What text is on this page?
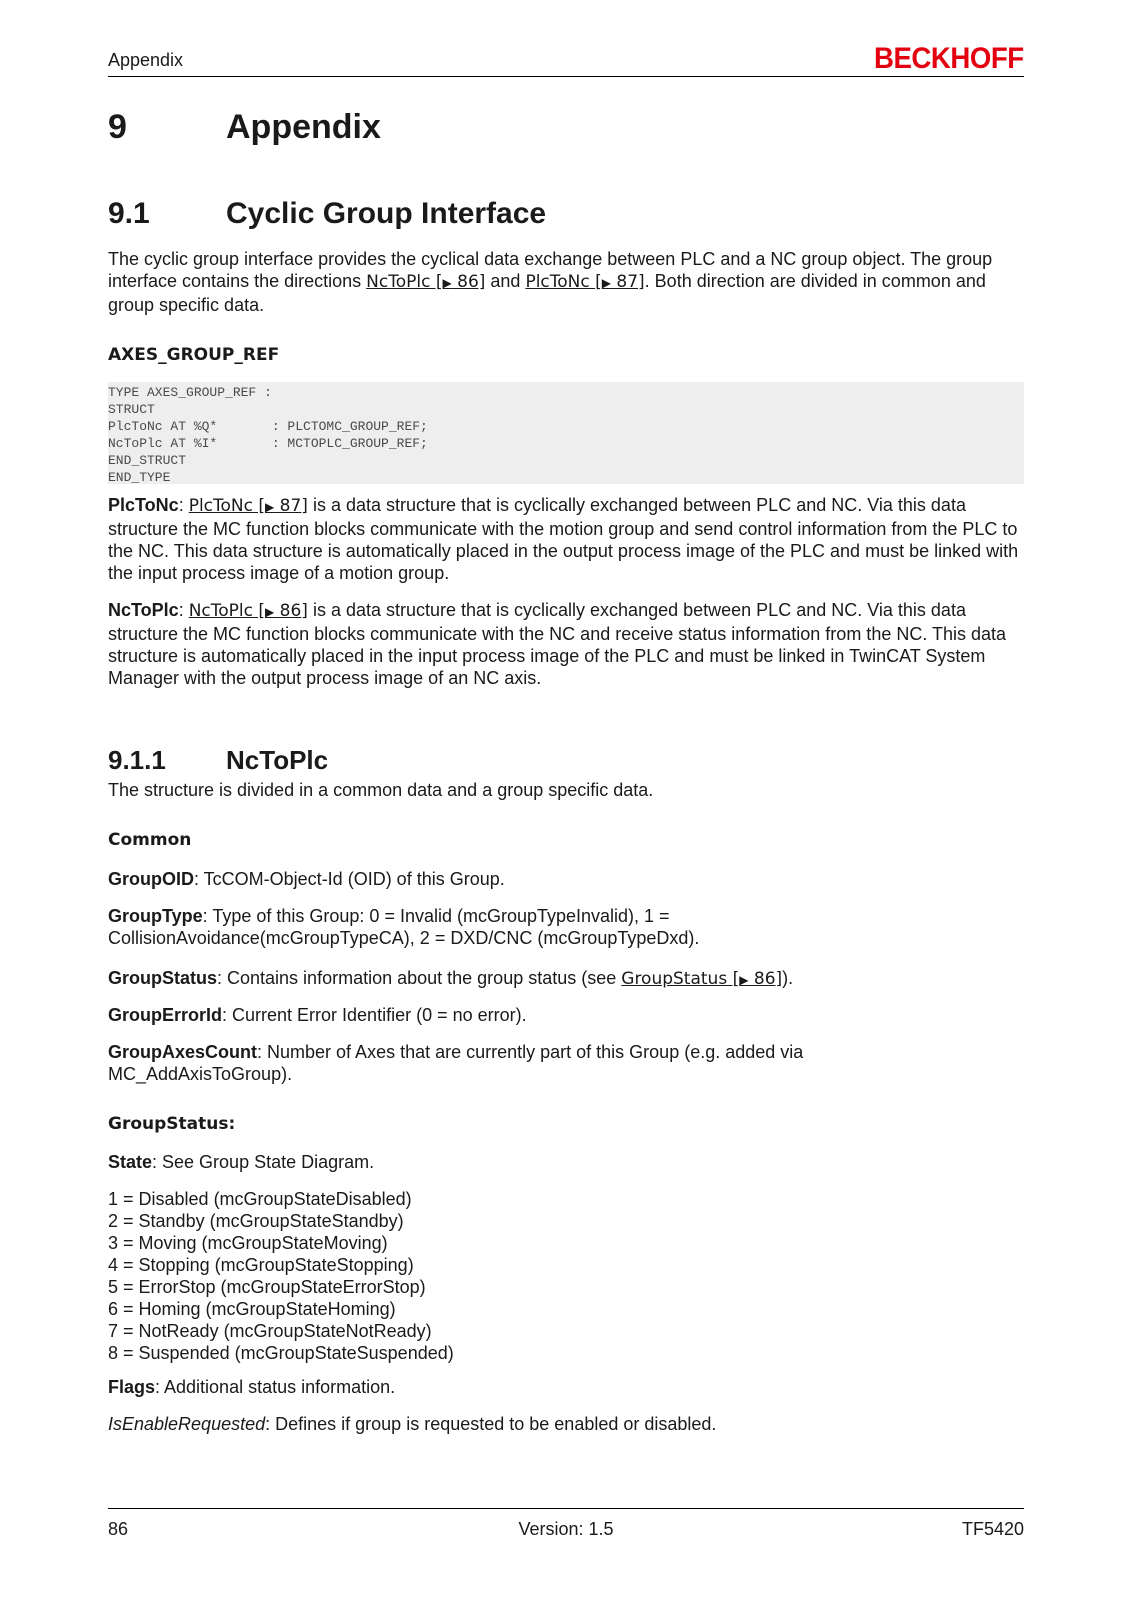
Appendix	BECKHOFF
9	Appendix
9.1	Cyclic Group Interface

The cyclic group interface provides the cyclical data exchange between PLC and a NC group object. The group interface contains the directions NcToPlc [▶ 86] and PlcToNc [▶ 87]. Both direction are divided in common and group specific data.

AXES_GROUP_REF
TYPE AXES_GROUP_REF :
STRUCT
PlcToNc AT %Q*       : PLCTOMC_GROUP_REF;
NcToPlc AT %I*       : MCTOPLC_GROUP_REF;
END_STRUCT
END_TYPE

PlcToNc: PlcToNc [▶ 87] is a data structure that is cyclically exchanged between PLC and NC. Via this data structure the MC function blocks communicate with the motion group and send control information from the PLC to the NC. This data structure is automatically placed in the output process image of the PLC and must be linked with the input process image of a motion group.

NcToPlc: NcToPlc [▶ 86] is a data structure that is cyclically exchanged between PLC and NC. Via this data structure the MC function blocks communicate with the NC and receive status information from the NC. This data structure is automatically placed in the input process image of the PLC and must be linked in TwinCAT System Manager with the output process image of an NC axis.

9.1.1 NcToPlc

The structure is divided in a common data and a group specific data.

Common

GroupOID: TcCOM-Object-Id (OID) of this Group.

GroupType: Type of this Group: 0 = Invalid (mcGroupTypeInvalid), 1 = CollisionAvoidance(mcGroupTypeCA), 2 = DXD/CNC (mcGroupTypeDxd).

GroupStatus: Contains information about the group status (see GroupStatus [▶ 86]).

GroupErrorId: Current Error Identifier (0 = no error).

GroupAxesCount: Number of Axes that are currently part of this Group (e.g. added via MC_AddAxisToGroup).

GroupStatus:

State: See Group State Diagram.

1 = Disabled (mcGroupStateDisabled)

2 = Standby (mcGroupStateStandby)

3 = Moving (mcGroupStateMoving)

4 = Stopping (mcGroupStateStopping)

5 = ErrorStop (mcGroupStateErrorStop)

6 = Homing (mcGroupStateHoming)

7 = NotReady (mcGroupStateNotReady)

8 = Suspended (mcGroupStateSuspended)

Flags: Additional status information.

IsEnableRequested: Defines if group is requested to be enabled or disabled.

86	Version: 1.5	TF5420
